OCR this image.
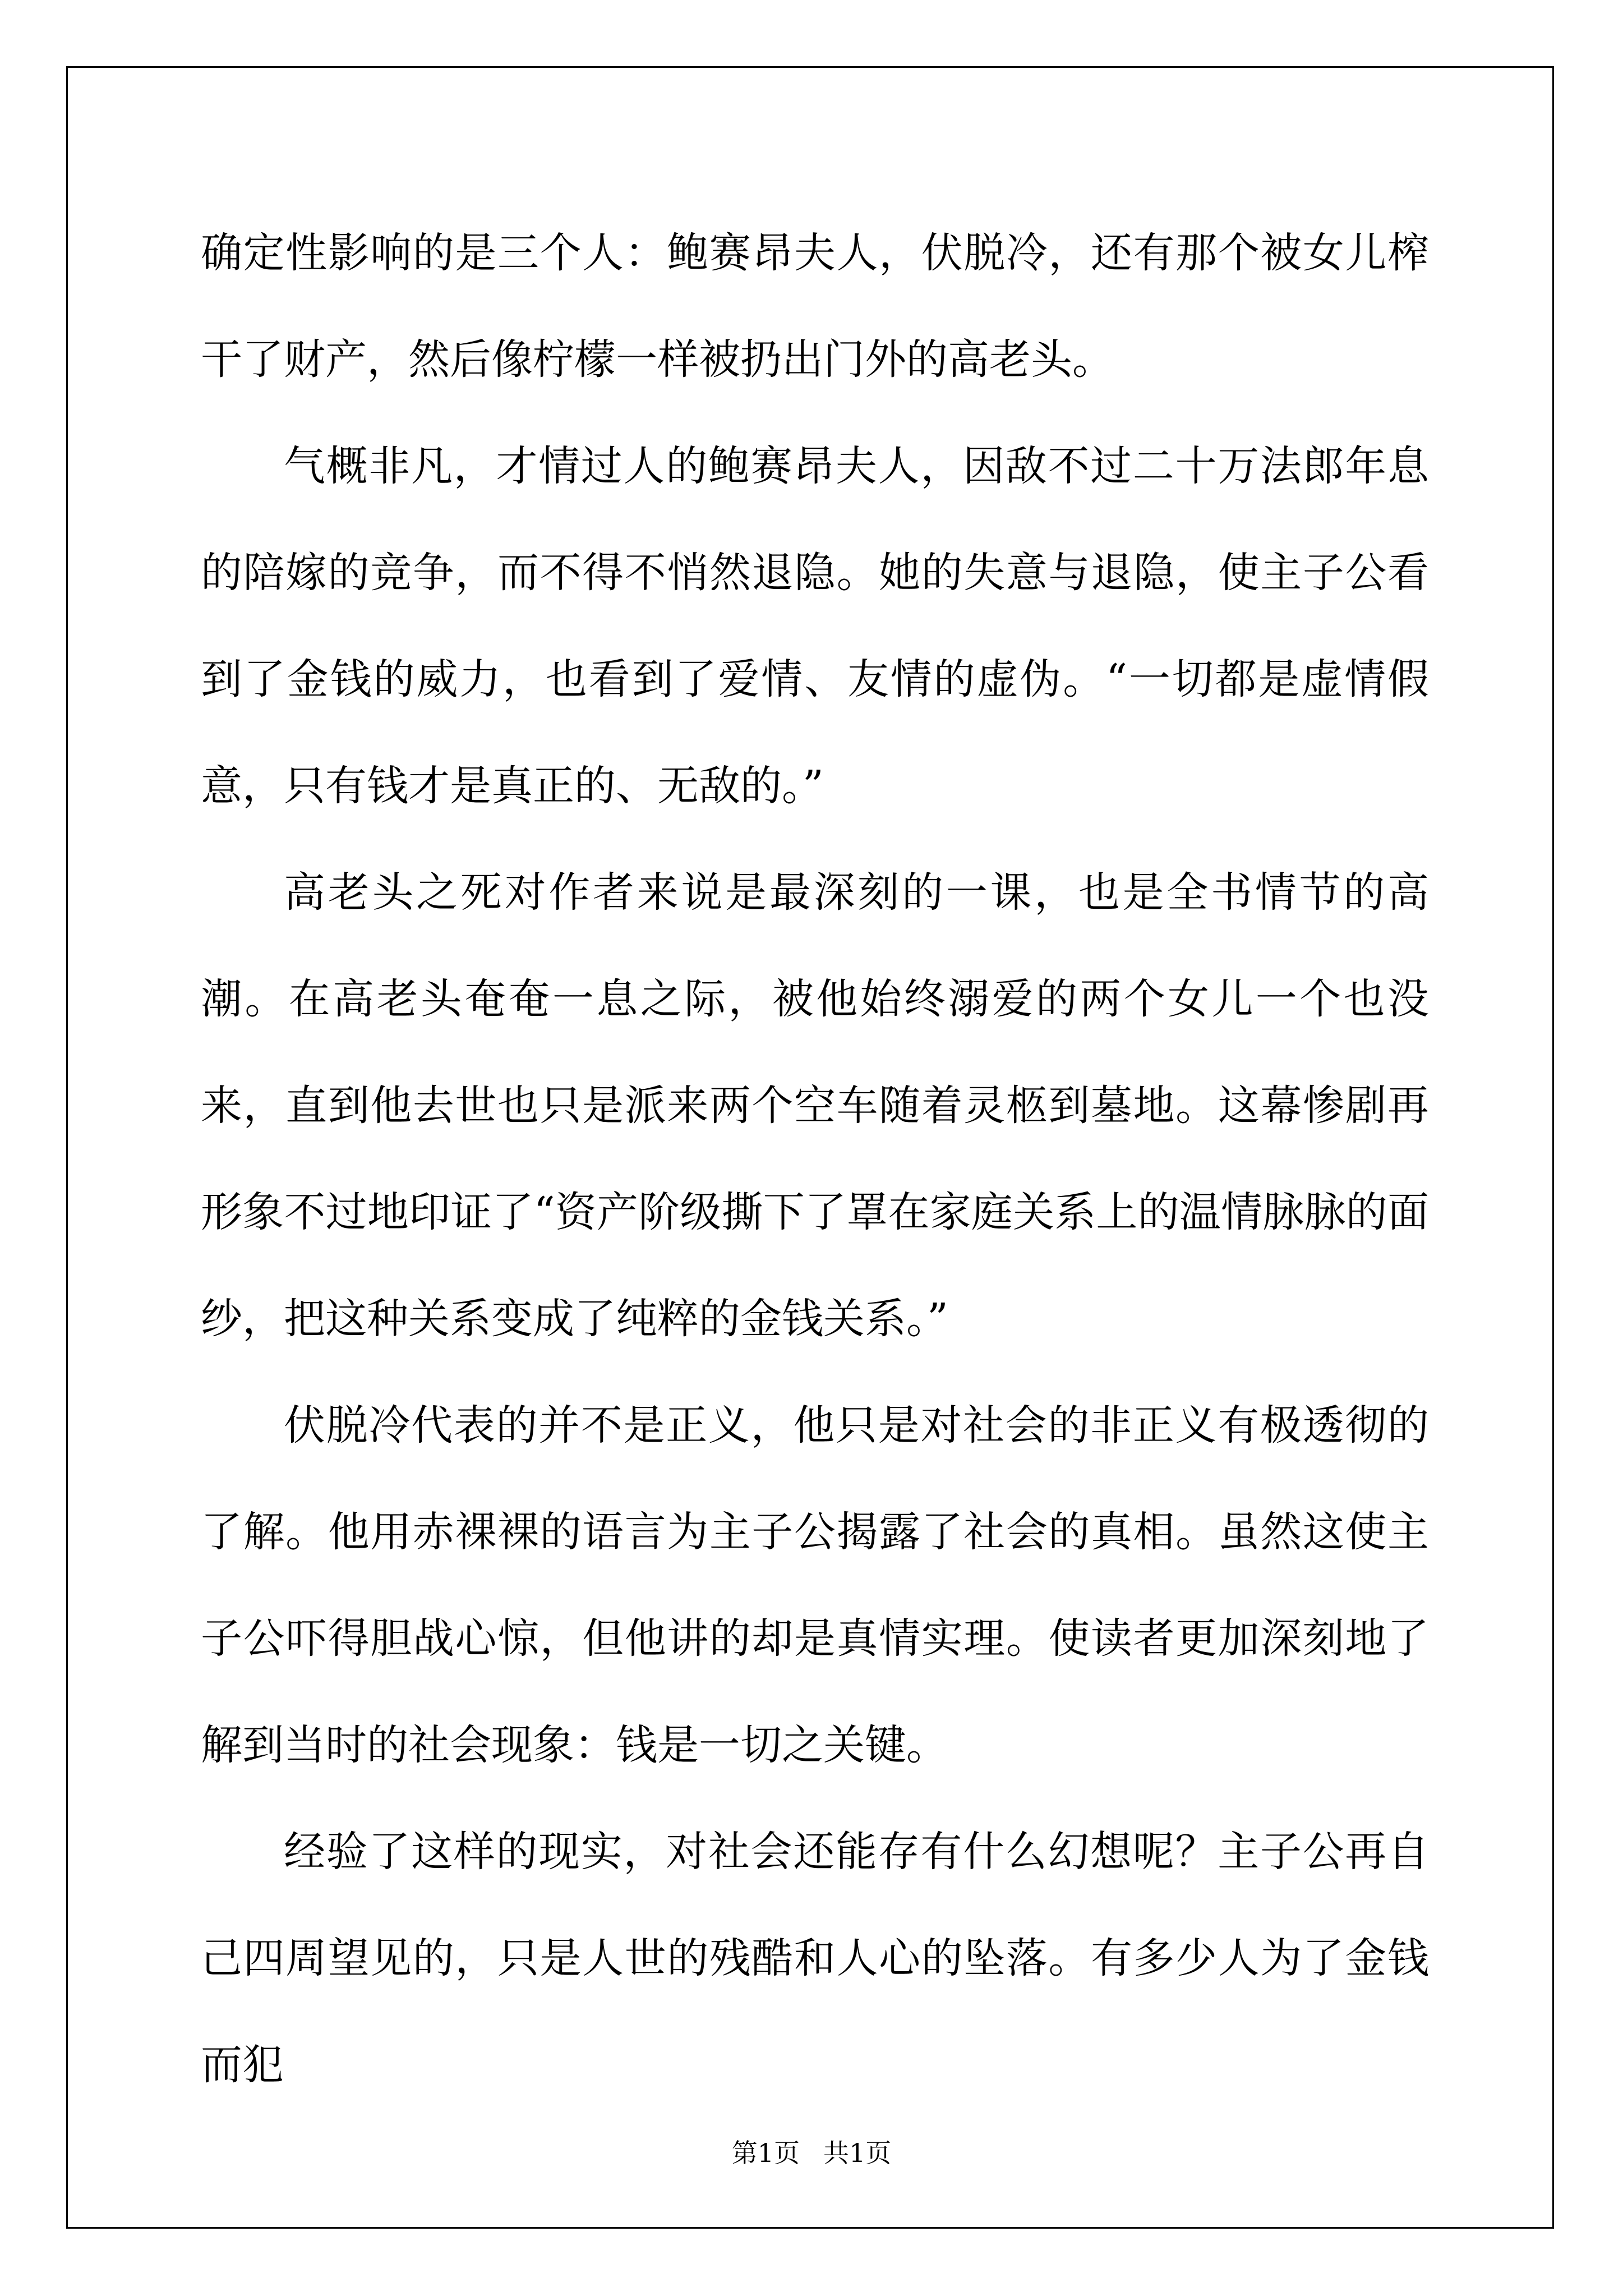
确定性影响的是三个人：鲍赛昂夫人，伏脱冷，还有那个被女儿榨干了财产，然后像柠檬一样被扔出门外的高老头。

气概非凡，才情过人的鲍赛昂夫人，因敌不过二十万法郎年息的陪嫁的竞争，而不得不悄然退隐。她的失意与退隐，使主子公看到了金钱的威力，也看到了爱情、友情的虚伪。“一切都是虚情假意，只有钱才是真正的、无敌的。”

高老头之死对作者来说是最深刻的一课，也是全书情节的高潮。在高老头奄奄一息之际，被他始终溺爱的两个女儿一个也没来，直到他去世也只是派来两个空车随着灵柩到墓地。这幕惨剧再形象不过地印证了“资产阶级撕下了罩在家庭关系上的温情脉脉的面纱，把这种关系变成了纯粹的金钱关系。”

伏脱冷代表的并不是正义，他只是对社会的非正义有极透彻的了解。他用赤裸裸的语言为主子公揭露了社会的真相。虽然这使主子公吓得胆战心惊，但他讲的却是真情实理。使读者更加深刻地了解到当时的社会现象：钱是一切之关键。

经验了这样的现实，对社会还能存有什么幻想呢？主子公再自己四周望见的，只是人世的残酷和人心的坠落。有多少人为了金钱而犯

第1页 共1页
